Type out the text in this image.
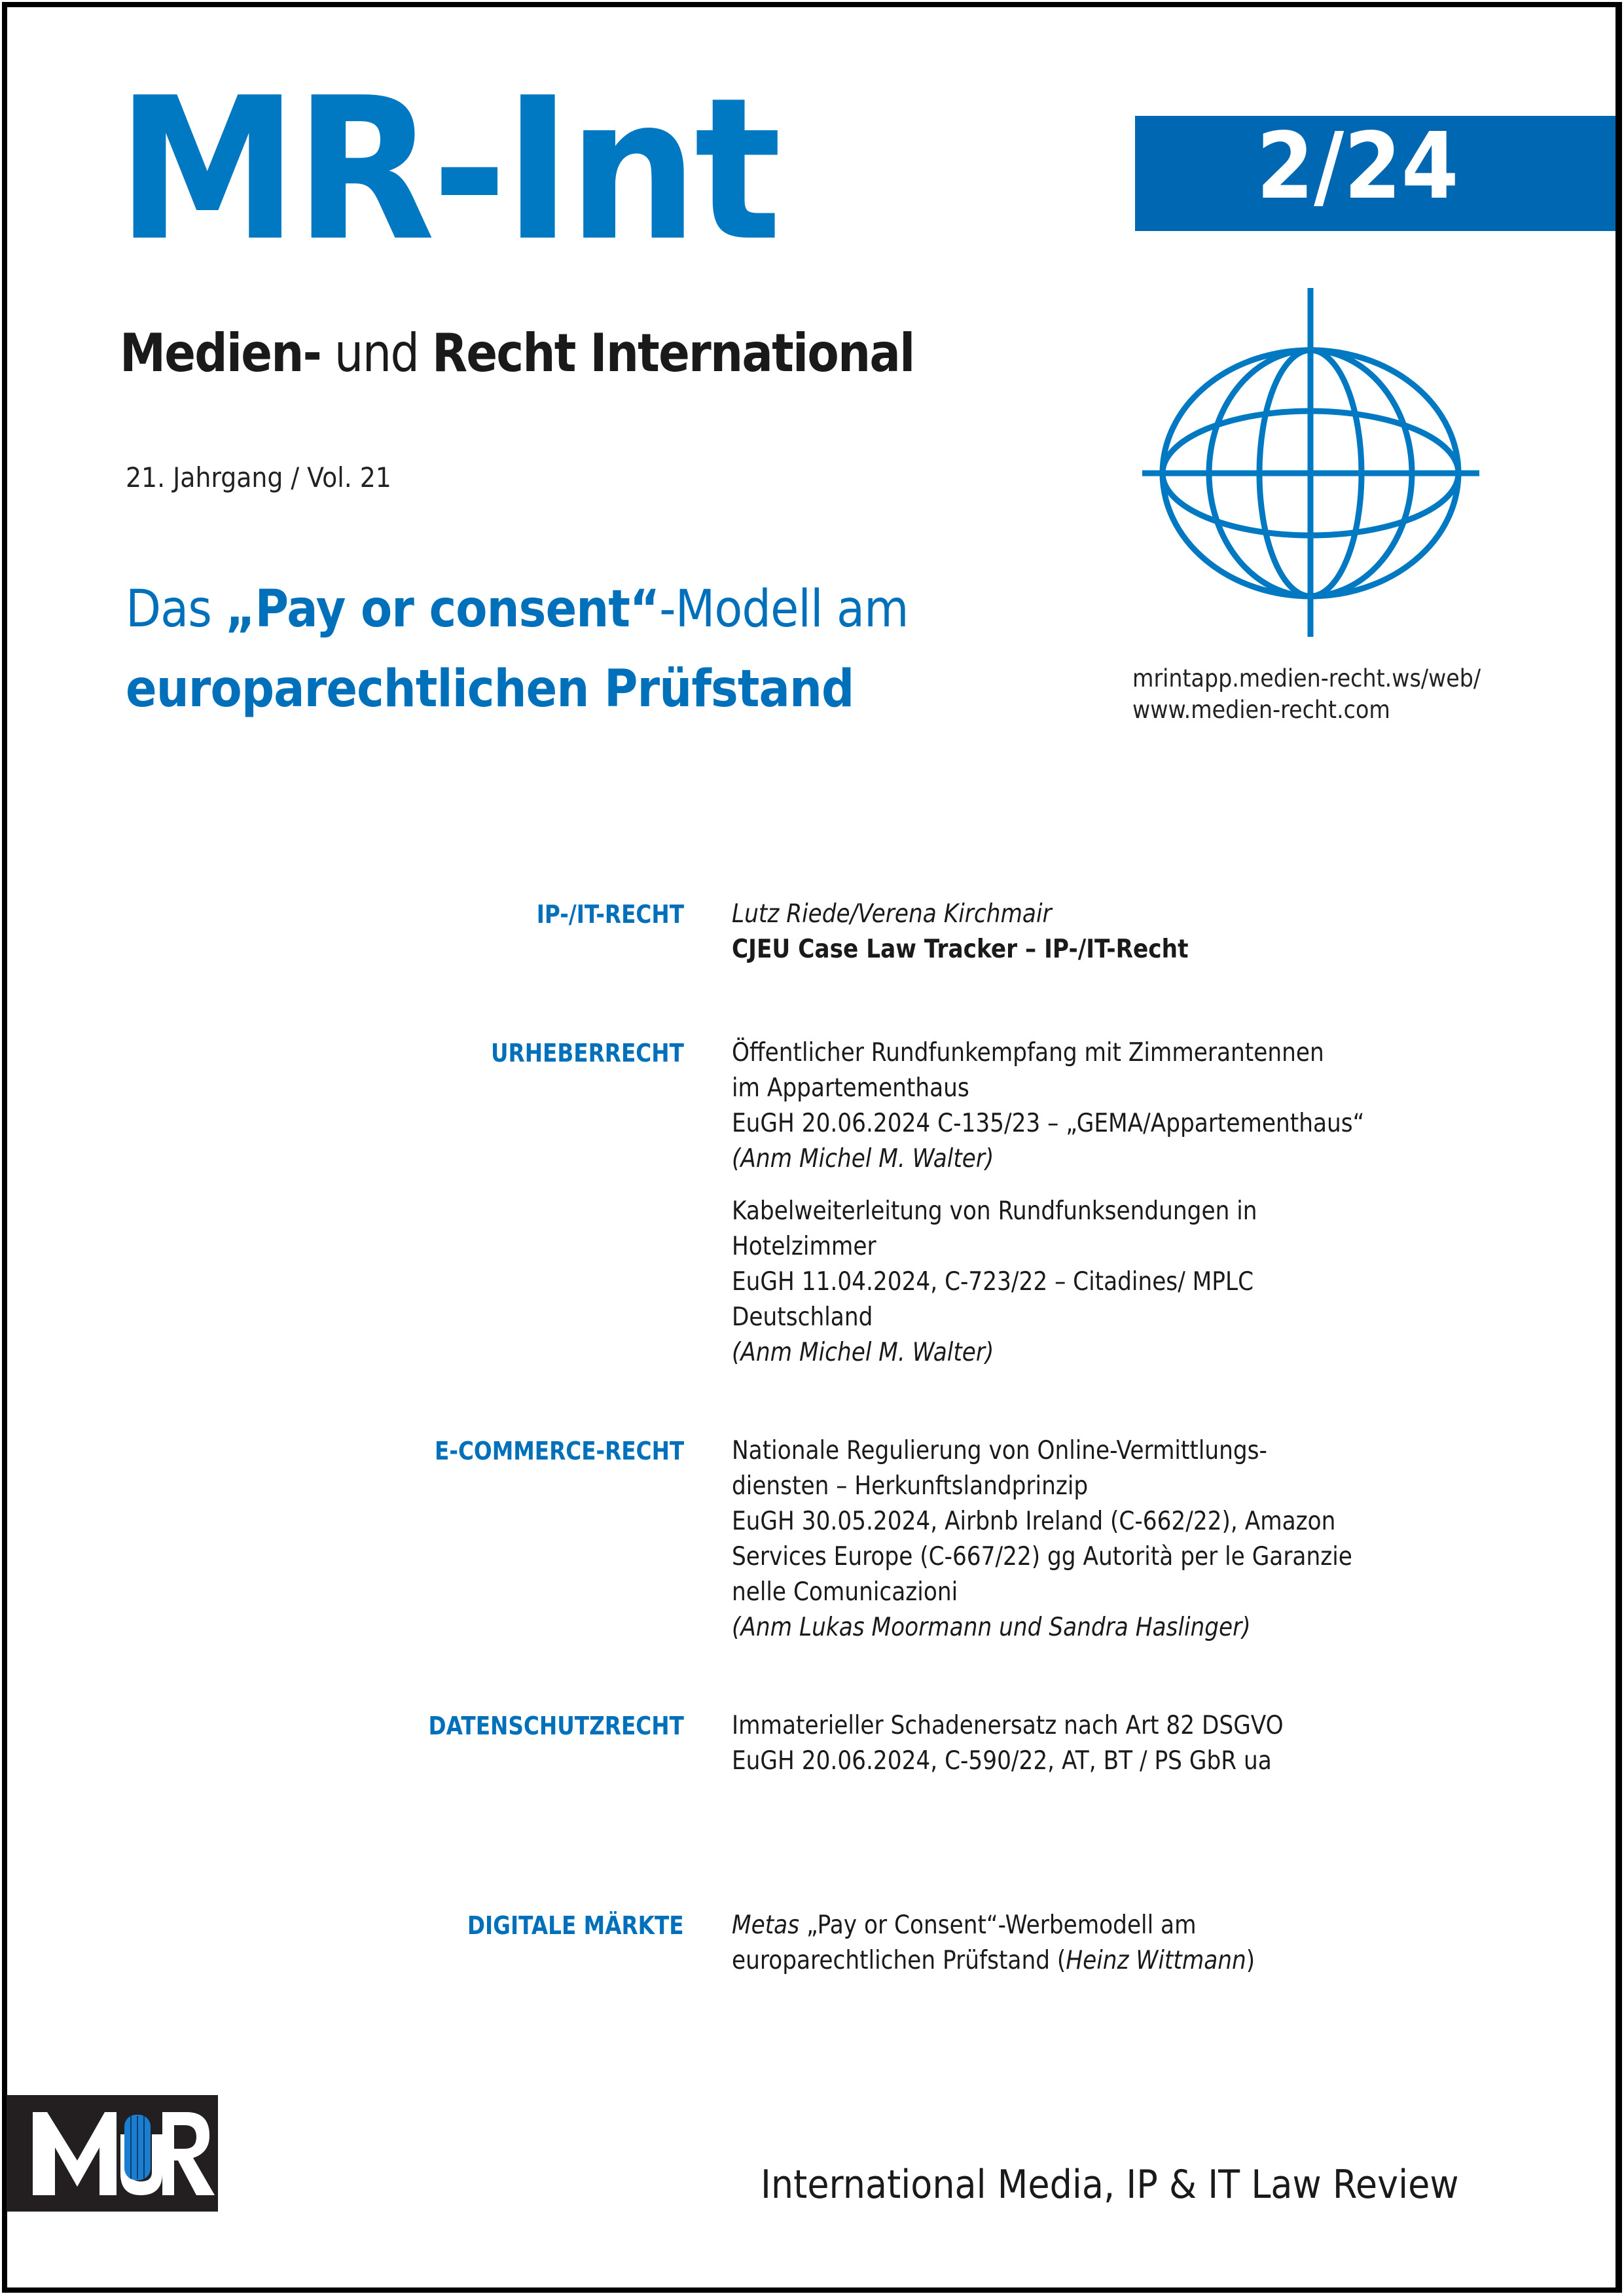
MR-Int
Medien- und Recht International
21. Jahrgang / Vol. 21
Das „Pay or consent“-Modell am
europarechtlichen Prüfstand
2/24
mrintapp.medien-recht.ws/web/
www.medien-recht.com
IP-/IT-RECHT Lutz Riede/Verena Kirchmair
CJEU Case Law Tracker – IP-/IT-Recht
URHEBERRECHT Öffentlicher Rundfunkempfang mit Zimmerantennen
im Appartementhaus
EuGH 20.06.2024 C-135/23 – „GEMA/Appartementhaus“
(Anm Michel M. Walter)
Kabelweiterleitung von Rundfunksendungen in
Hotelzimmer
EuGH 11.04.2024, C-723/22 – Citadines/ MPLC
Deutschland
(Anm Michel M. Walter)
E-COMMERCE-RECHT Nationale Regulierung von Online-Vermittlungs-
diensten – Herkunftslandprinzip
EuGH 30.05.2024, Airbnb Ireland (C-662/22), Amazon
Services Europe (C-667/22) gg Autorità per le Garanzie
nelle Comunicazioni
(Anm Lukas Moormann und Sandra Haslinger)
DATENSCHUTZRECHT Immaterieller Schadenersatz nach Art 82 DSGVO
EuGH 20.06.2024, C-590/22, AT, BT / PS GbR ua
DIGITALE MÄRKTE Metas „Pay or Consent“-Werbemodell am
europarechtlichen Prüfstand (Heinz Wittmann)
International Media, IP & IT Law Review
